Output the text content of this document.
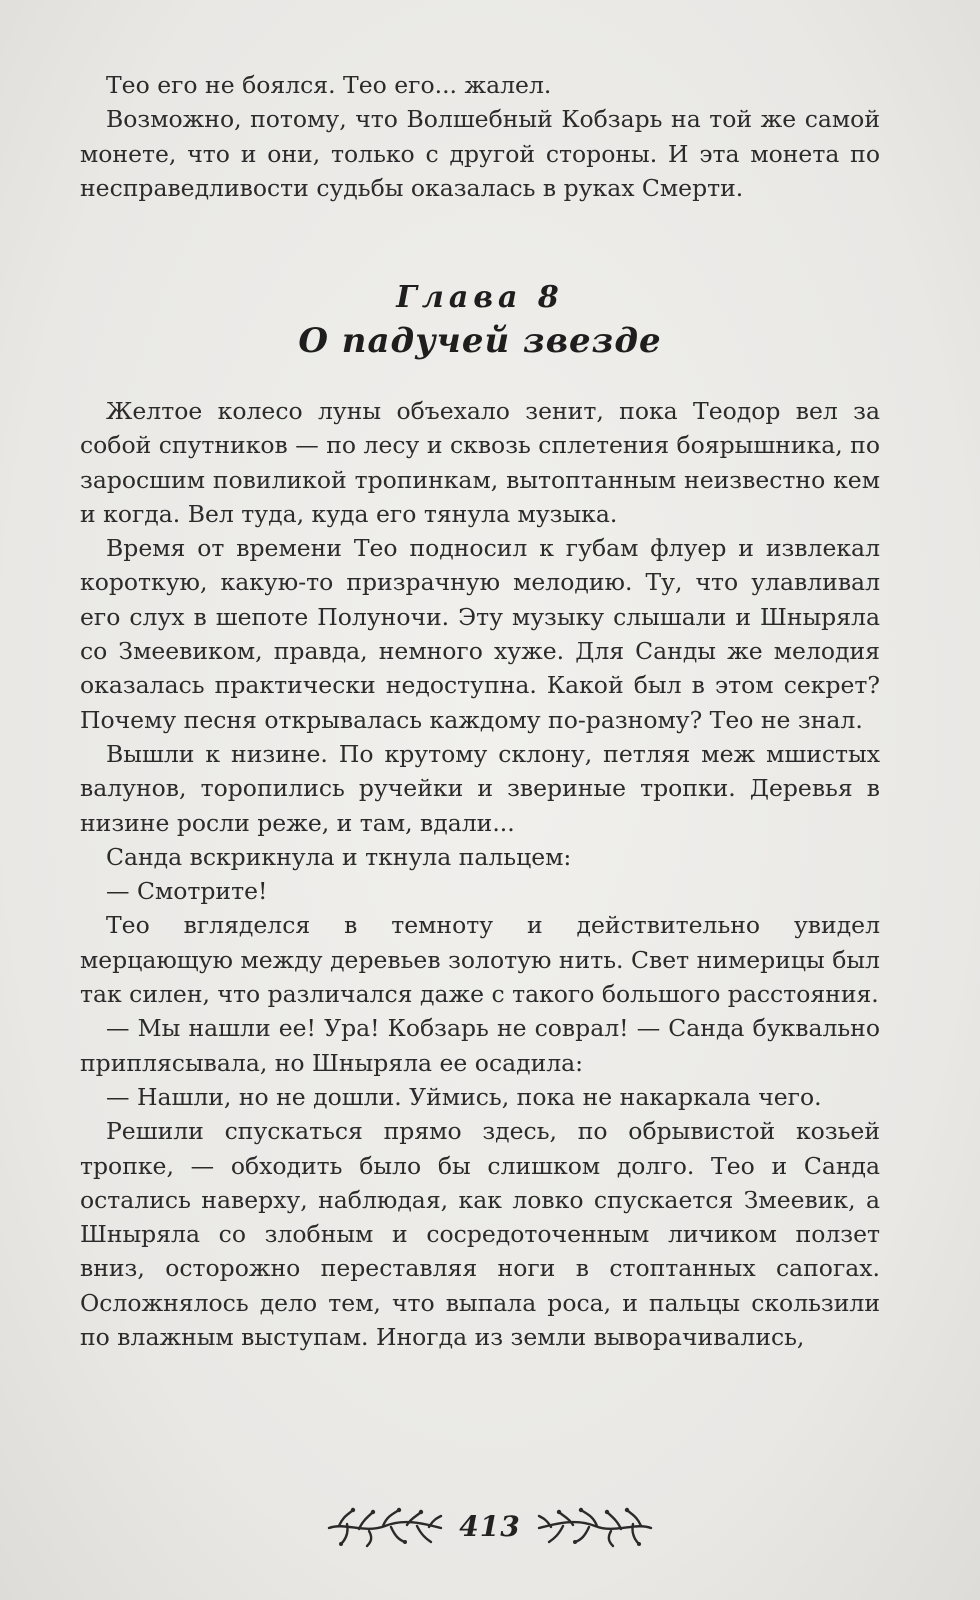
Тео его не боялся. Тео его... жалел.

Возможно, потому, что Волшебный Кобзарь на той же самой монете, что и они, только с другой стороны. И эта монета по несправедливости судьбы оказалась в руках Смерти.

Глава 8
О падучей звезде

Желтое колесо луны объехало зенит, пока Теодор вел за собой спутников — по лесу и сквозь сплетения боярышника, по заросшим повиликой тропинкам, вытоптанным неизвестно кем и когда. Вел туда, куда его тянула музыка.

Время от времени Тео подносил к губам флуер и извлекал короткую, какую-то призрачную мелодию. Ту, что улавливал его слух в шепоте Полуночи. Эту музыку слышали и Шныряла со Змеевиком, правда, немного хуже. Для Санды же мелодия оказалась практически недоступна. Какой был в этом секрет? Почему песня открывалась каждому по-разному? Тео не знал.

Вышли к низине. По крутому склону, петляя меж мшистых валунов, торопились ручейки и звериные тропки. Деревья в низине росли реже, и там, вдали...

Санда вскрикнула и ткнула пальцем:

— Смотрите!

Тео вгляделся в темноту и действительно увидел мерцающую между деревьев золотую нить. Свет нимерицы был так силен, что различался даже с такого большого расстояния.

— Мы нашли ее! Ура! Кобзарь не соврал! — Санда буквально приплясывала, но Шныряла ее осадила:

— Нашли, но не дошли. Уймись, пока не накаркала чего.

Решили спускаться прямо здесь, по обрывистой козьей тропке, — обходить было бы слишком долго. Тео и Санда остались наверху, наблюдая, как ловко спускается Змеевик, а Шныряла со злобным и сосредоточенным личиком ползет вниз, осторожно переставляя ноги в стоптанных сапогах. Осложнялось дело тем, что выпала роса, и пальцы скользили по влажным выступам. Иногда из земли выворачивались,

413
